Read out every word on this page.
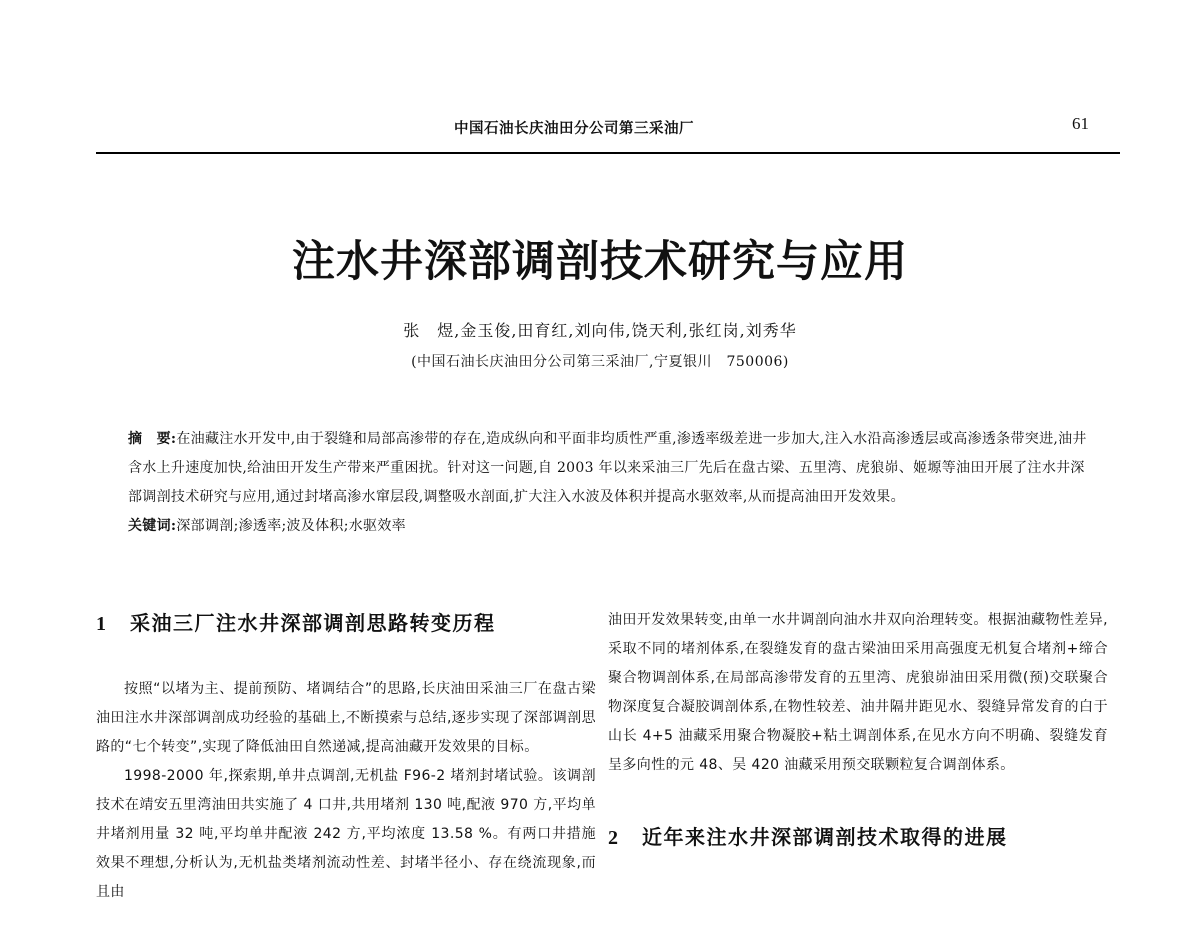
中国石油长庆油田分公司第三采油厂	61
注水井深部调剖技术研究与应用
张　煜,金玉俊,田育红,刘向伟,饶天利,张红岗,刘秀华
(中国石油长庆油田分公司第三采油厂,宁夏银川　750006)
摘　要:在油藏注水开发中,由于裂缝和局部高渗带的存在,造成纵向和平面非均质性严重,渗透率级差进一步加大,注入水沿高渗透层或高渗透条带突进,油井含水上升速度加快,给油田开发生产带来严重困扰。针对这一问题,自 2003 年以来采油三厂先后在盘古梁、五里湾、虎狼峁、姬塬等油田开展了注水井深部调剖技术研究与应用,通过封堵高渗水窜层段,调整吸水剖面,扩大注入水波及体积并提高水驱效率,从而提高油田开发效果。
关键词:深部调剖;渗透率;波及体积;水驱效率
1 采油三厂注水井深部调剖思路转变历程

按照“以堵为主、提前预防、堵调结合”的思路,长庆油田采油三厂在盘古梁油田注水井深部调剖成功经验的基础上,不断摸索与总结,逐步实现了深部调剖思路的“七个转变”,实现了降低油田自然递减,提高油藏开发效果的目标。

1998-2000 年,探索期,单井点调剖,无机盐 F96-2 堵剂封堵试验。该调剖技术在靖安五里湾油田共实施了 4 口井,共用堵剂 130 吨,配液 970 方,平均单井堵剂用量 32 吨,平均单井配液 242 方,平均浓度 13.58 %。有两口井措施效果不理想,分析认为,无机盐类堵剂流动性差、封堵半径小、存在绕流现象,而且由

油田开发效果转变,由单一水井调剖向油水井双向治理转变。根据油藏物性差异,采取不同的堵剂体系,在裂缝发育的盘古梁油田采用高强度无机复合堵剂+缔合聚合物调剖体系,在局部高渗带发育的五里湾、虎狼峁油田采用微(预)交联聚合物深度复合凝胶调剖体系,在物性较差、油井隔井距见水、裂缝异常发育的白于山长 4+5 油藏采用聚合物凝胶+粘土调剖体系,在见水方向不明确、裂缝发育呈多向性的元 48、吴 420 油藏采用预交联颗粒复合调剖体系。

2 近年来注水井深部调剖技术取得的进展
